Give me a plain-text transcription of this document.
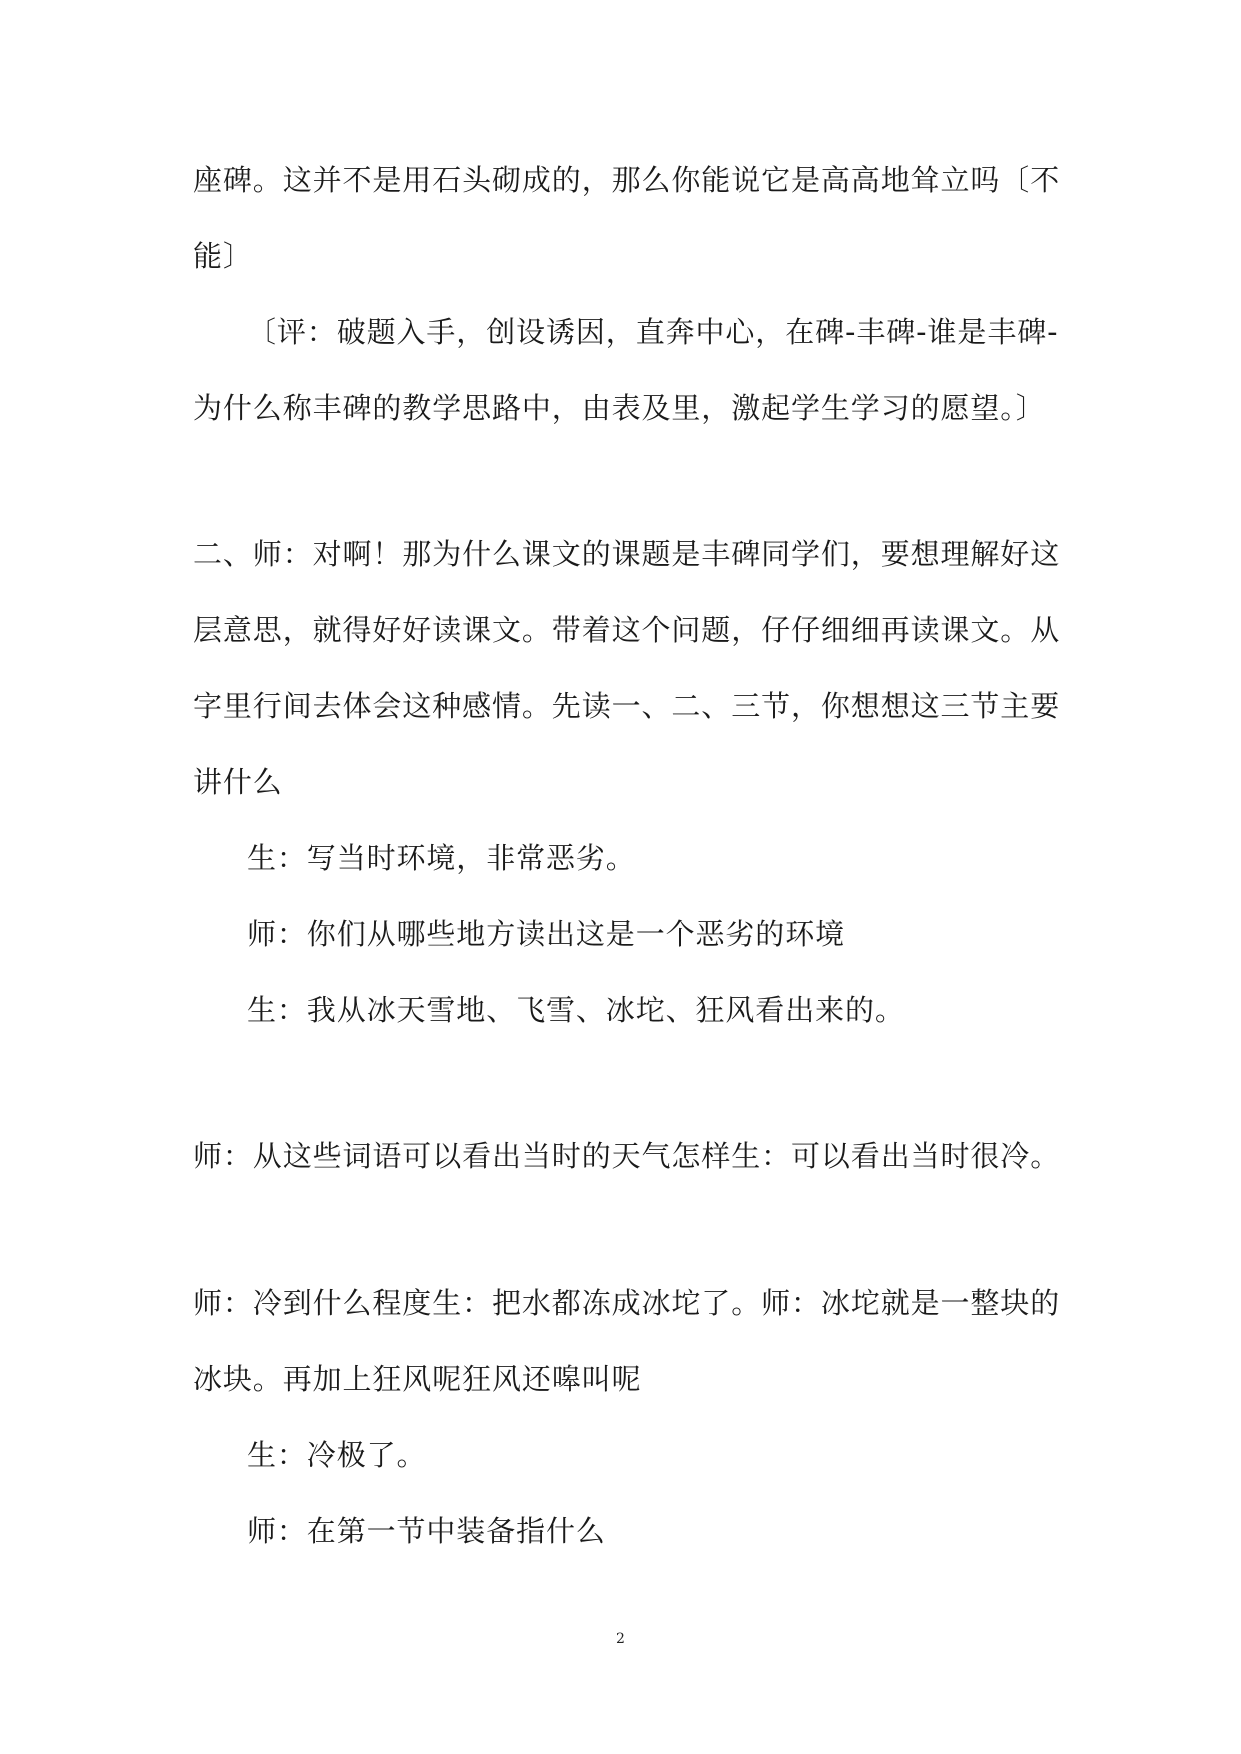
座碑。这并不是用石头砌成的，那么你能说它是高高地耸立吗〔不
能〕
〔评：破题入手，创设诱因，直奔中心，在碑-丰碑-谁是丰碑-
为什么称丰碑的教学思路中，由表及里，激起学生学习的愿望。〕
二、师：对啊！那为什么课文的课题是丰碑同学们，要想理解好这
层意思，就得好好读课文。带着这个问题，仔仔细细再读课文。从
字里行间去体会这种感情。先读一、二、三节，你想想这三节主要
讲什么
生：写当时环境，非常恶劣。
师：你们从哪些地方读出这是一个恶劣的环境
生：我从冰天雪地、飞雪、冰坨、狂风看出来的。
师：从这些词语可以看出当时的天气怎样生：可以看出当时很冷。
师：冷到什么程度生：把水都冻成冰坨了。师：冰坨就是一整块的
冰块。再加上狂风呢狂风还嗥叫呢
生：冷极了。
师：在第一节中装备指什么
2
